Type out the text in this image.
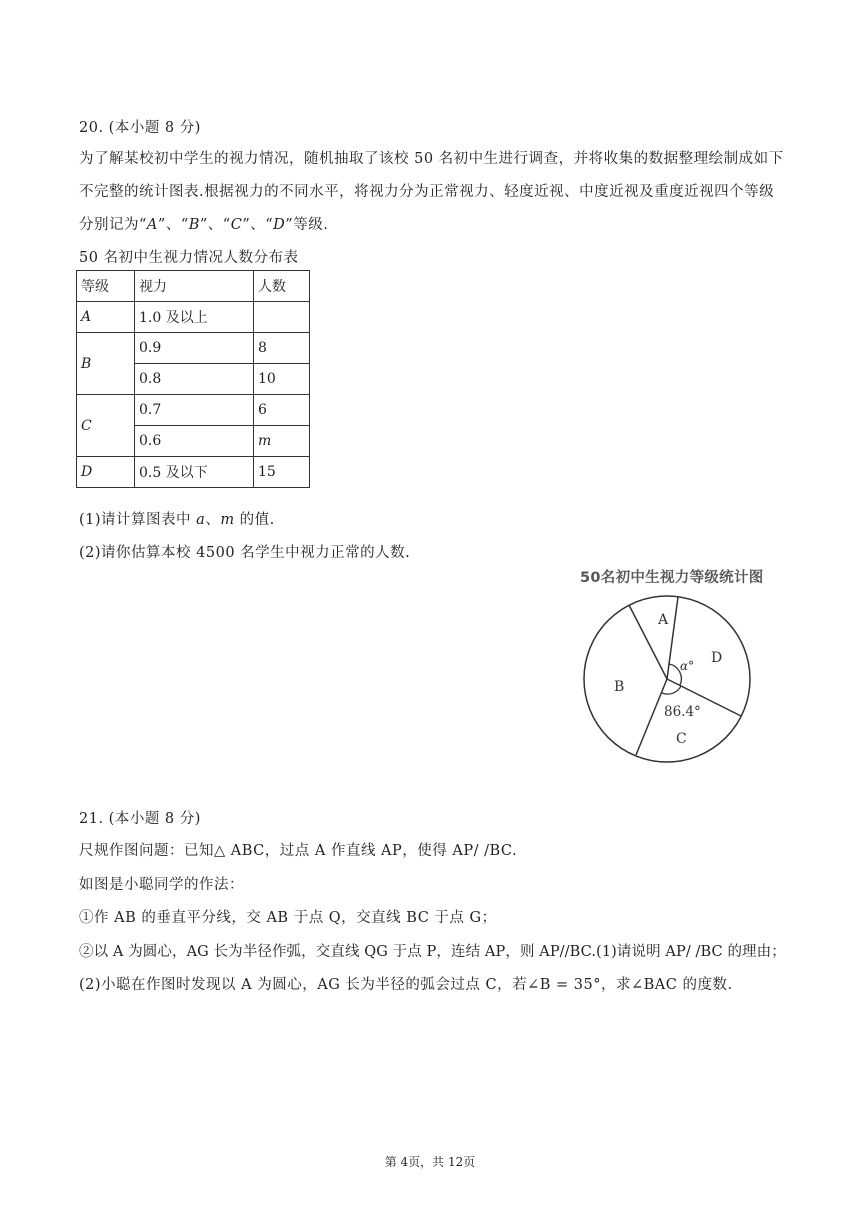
20. (本小题 8 分)
为了解某校初中学生的视力情况，随机抽取了该校 50 名初中生进行调查，并将收集的数据整理绘制成如下
不完整的统计图表.根据视力的不同水平，将视力分为正常视力、轻度近视、中度近视及重度近视四个等级
分别记为“A”、“B”、“C”、“D”等级.
50 名初中生视力情况人数分布表
等级	视力	人数
A	1.0 及以上	
B	0.9	8
	0.8	10
C	0.7	6
	0.6	m
D	0.5 及以下	15
(1)请计算图表中 a、m 的值.
(2)请你估算本校 4500 名学生中视力正常的人数.
50名初中生视力等级统计图
A
D
B
C
α°
86.4°
21. (本小题 8 分)
尺规作图问题：已知△ ABC，过点 A 作直线 AP，使得 AP/ /BC.
如图是小聪同学的作法：
①作 AB 的垂直平分线，交 AB 于点 Q，交直线 BC 于点 G；
②以 A 为圆心，AG 长为半径作弧，交直线 QG 于点 P，连结 AP，则 AP//BC.(1)请说明 AP/ /BC 的理由；
(2)小聪在作图时发现以 A 为圆心，AG 长为半径的弧会过点 C，若∠B = 35°，求∠BAC 的度数.
第 4页，共 12页
